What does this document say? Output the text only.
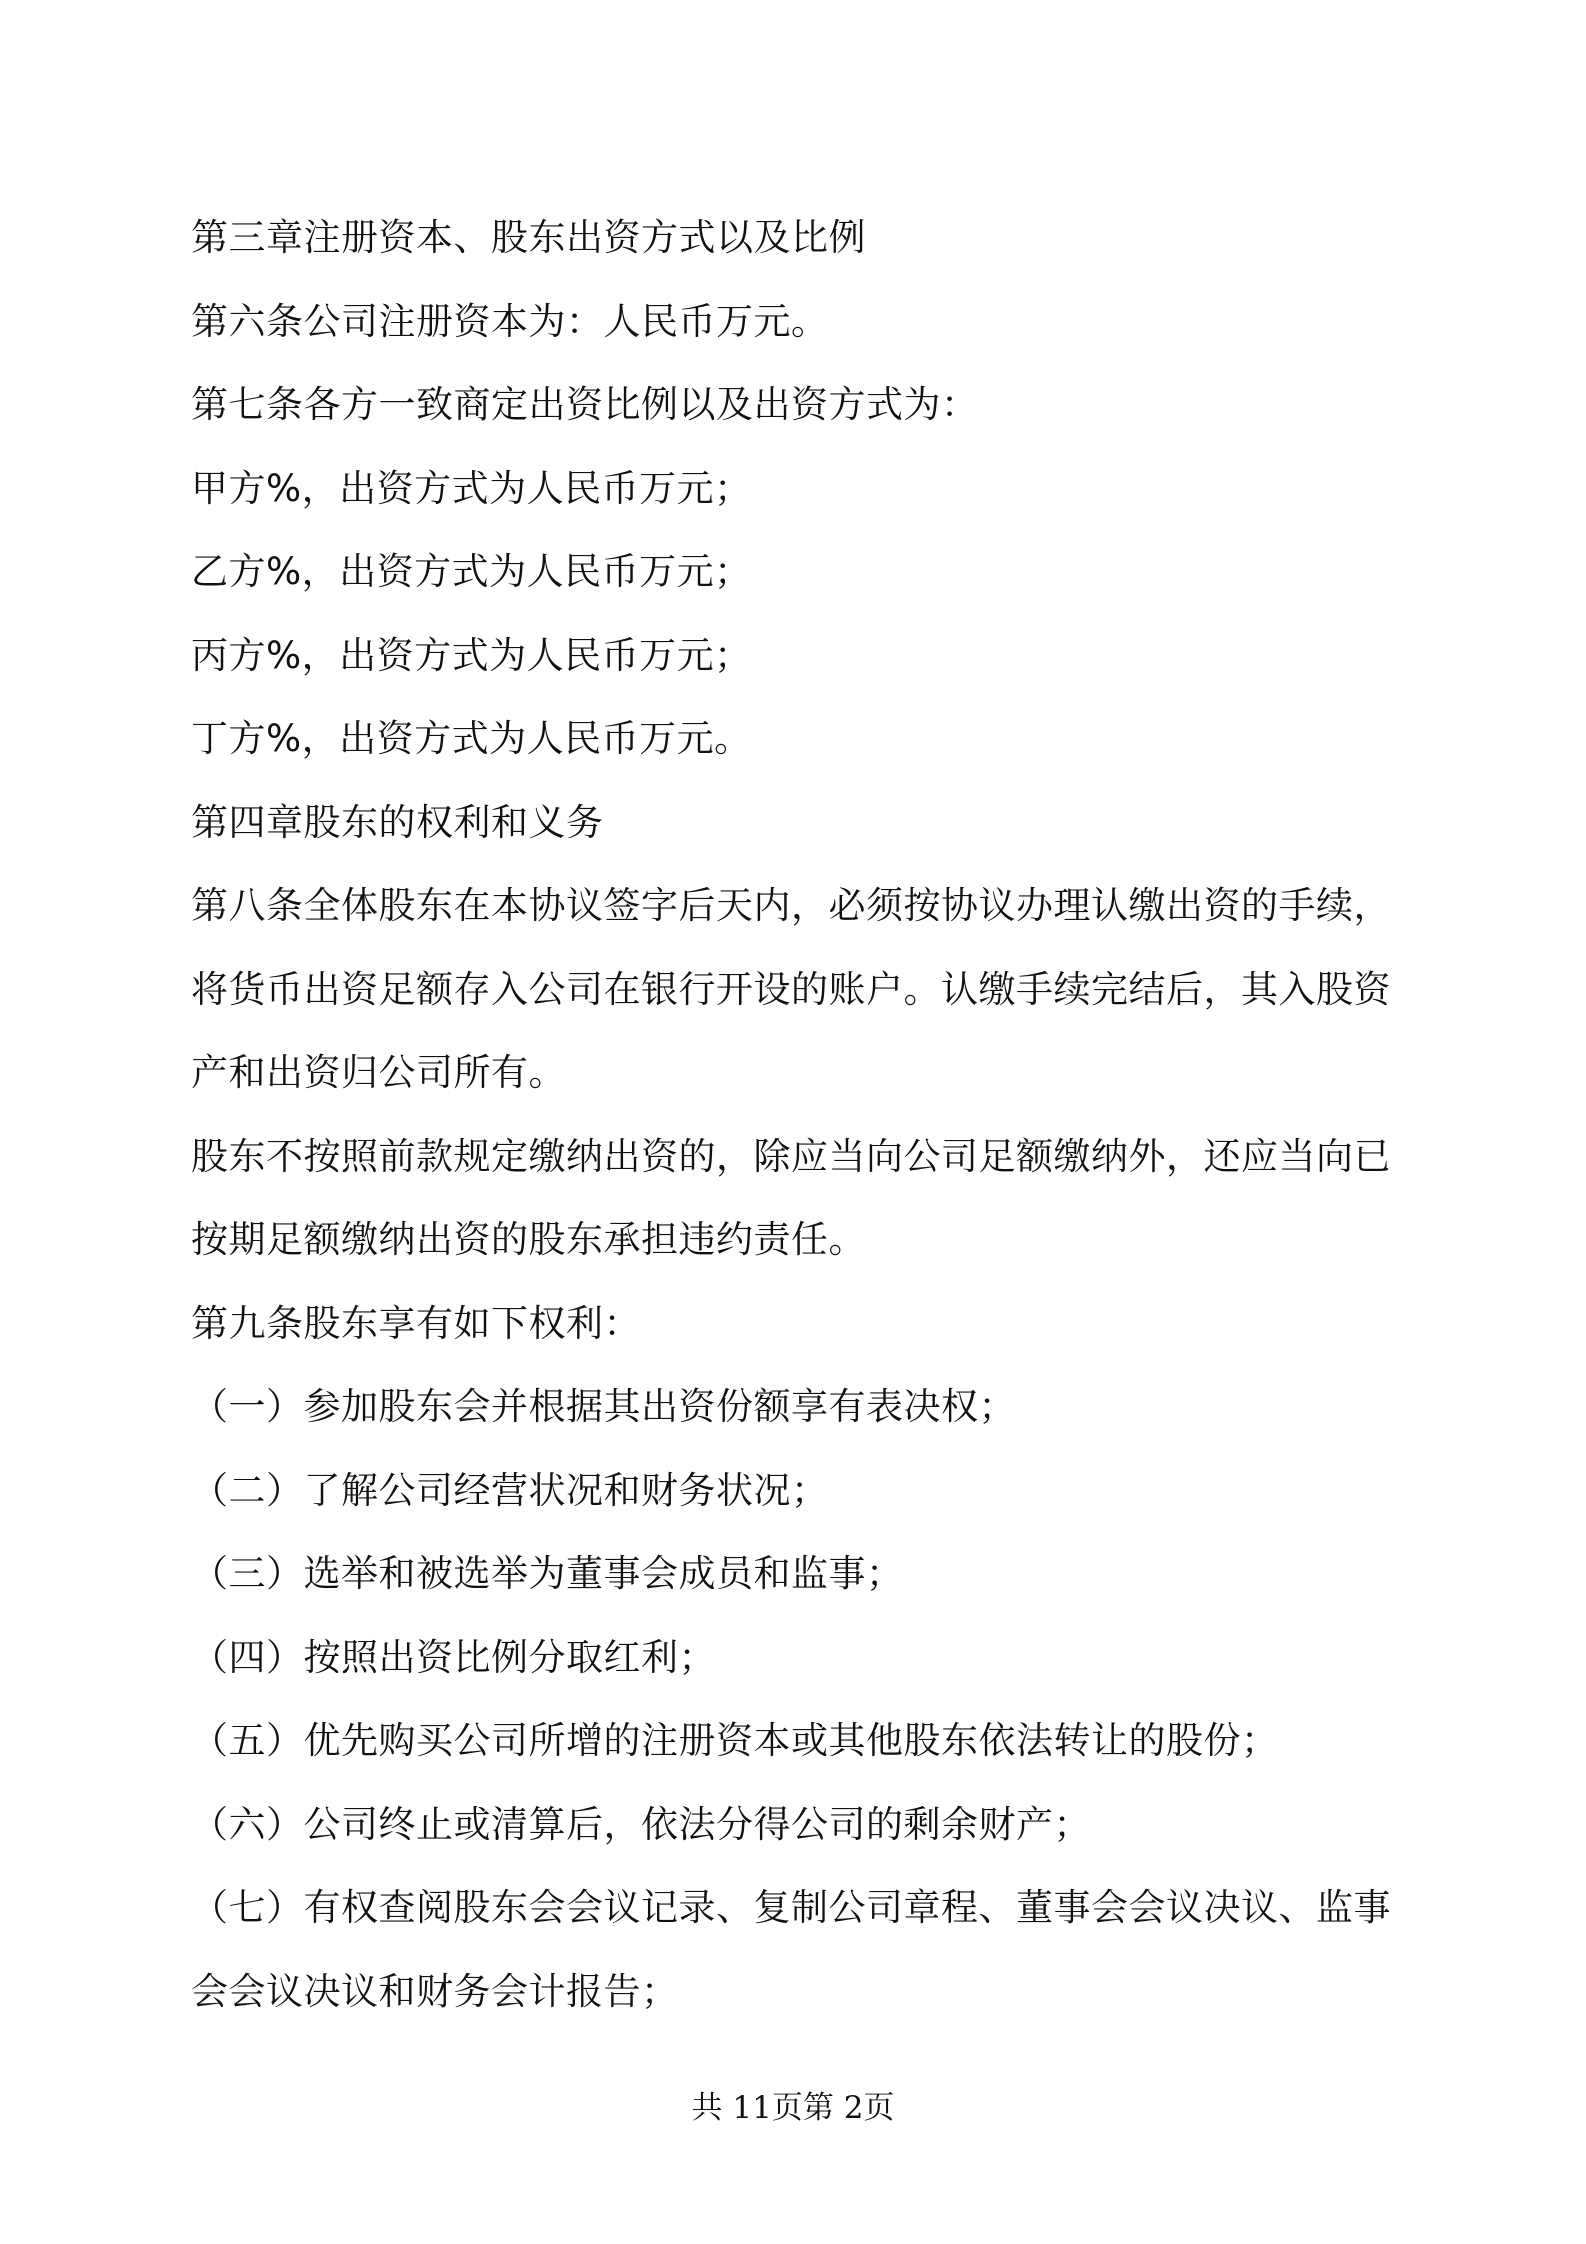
第三章注册资本、股东出资方式以及比例
第六条公司注册资本为：人民币万元。
第七条各方一致商定出资比例以及出资方式为：
甲方%，出资方式为人民币万元；
乙方%，出资方式为人民币万元；
丙方%，出资方式为人民币万元；
丁方%，出资方式为人民币万元。
第四章股东的权利和义务
第八条全体股东在本协议签字后天内，必须按协议办理认缴出资的手续，
将货币出资足额存入公司在银行开设的账户。认缴手续完结后，其入股资
产和出资归公司所有。
股东不按照前款规定缴纳出资的，除应当向公司足额缴纳外，还应当向已
按期足额缴纳出资的股东承担违约责任。
第九条股东享有如下权利：
（一）参加股东会并根据其出资份额享有表决权；
（二）了解公司经营状况和财务状况；
（三）选举和被选举为董事会成员和监事；
（四）按照出资比例分取红利；
（五）优先购买公司所增的注册资本或其他股东依法转让的股份；
（六）公司终止或清算后，依法分得公司的剩余财产；
（七）有权查阅股东会会议记录、复制公司章程、董事会会议决议、监事
会会议决议和财务会计报告；
共 11页第 2页
